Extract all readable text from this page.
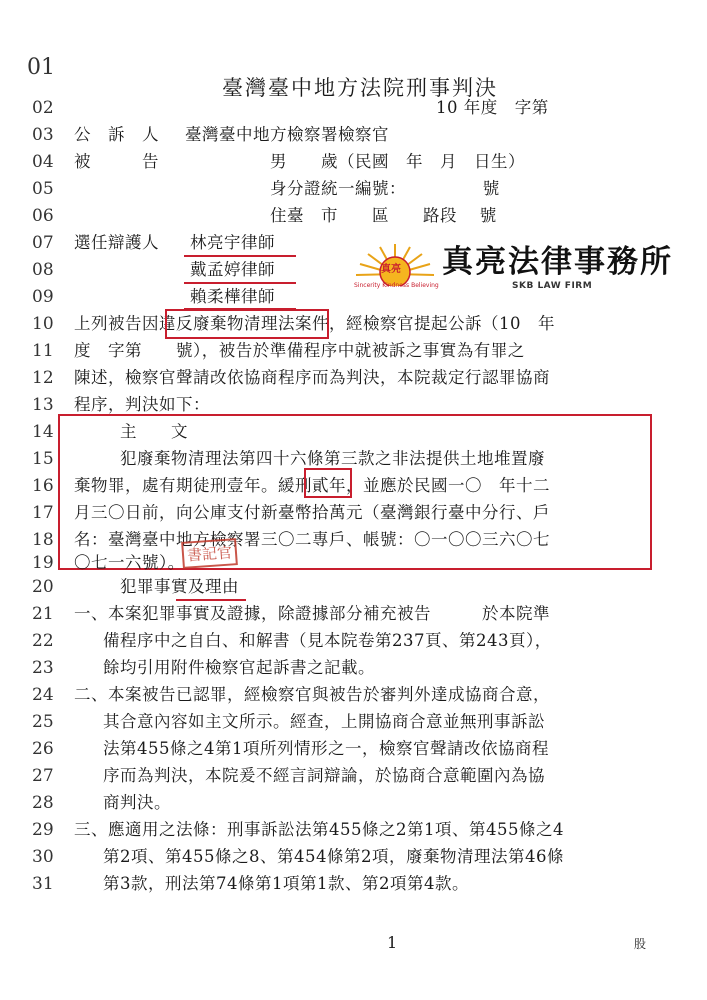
01
臺灣臺中地方法院刑事判決
02
03
04
05
06
07
08
09
10
11
12
13
14
15
16
17
18
19
20
21
22
23
24
25
26
27
28
29
30
31
10 年度　字第
公　訴　人 臺灣臺中地方檢察署檢察官
被　　　告	男　　歲（民國　年　月　日生）
身分證統一編號：　　　　　號
住臺　市　　區　　路段　 號
選任辯護人 林亮宇律師
戴孟婷律師
賴柔樺律師
真亮
Sincerity Kindness Believing
真亮法律事務所
SKB LAW FIRM
上列被告因違反廢棄物清理法案件，經檢察官提起公訴（10　年
度　字第　　號），被告於準備程序中就被訴之事實為有罪之
陳述，檢察官聲請改依協商程序而為判決，本院裁定行認罪協商
程序，判決如下：
主　　文
犯廢棄物清理法第四十六條第三款之非法提供土地堆置廢
棄物罪，處有期徒刑壹年。緩刑貳年，並應於民國一〇　年十二
月三〇日前，向公庫支付新臺幣拾萬元（臺灣銀行臺中分行、戶
名：臺灣臺中地方檢察署三〇二專戶、帳號：〇一〇〇三六〇七
〇七一六號）。 書記官
犯罪事實及理由
一、本案犯罪事實及證據，除證據部分補充被告　　　於本院準
備程序中之自白、和解書（見本院卷第237頁、第243頁），
餘均引用附件檢察官起訴書之記載。
二、本案被告已認罪，經檢察官與被告於審判外達成協商合意，
其合意內容如主文所示。經查，上開協商合意並無刑事訴訟
法第455條之4第1項所列情形之一，檢察官聲請改依協商程
序而為判決，本院爰不經言詞辯論，於協商合意範圍內為協
商判決。
三、應適用之法條：刑事訴訟法第455條之2第1項、第455條之4
第2項、第455條之8、第454條第2項，廢棄物清理法第46條
第3款，刑法第74條第1項第1款、第2項第4款。
1	股
